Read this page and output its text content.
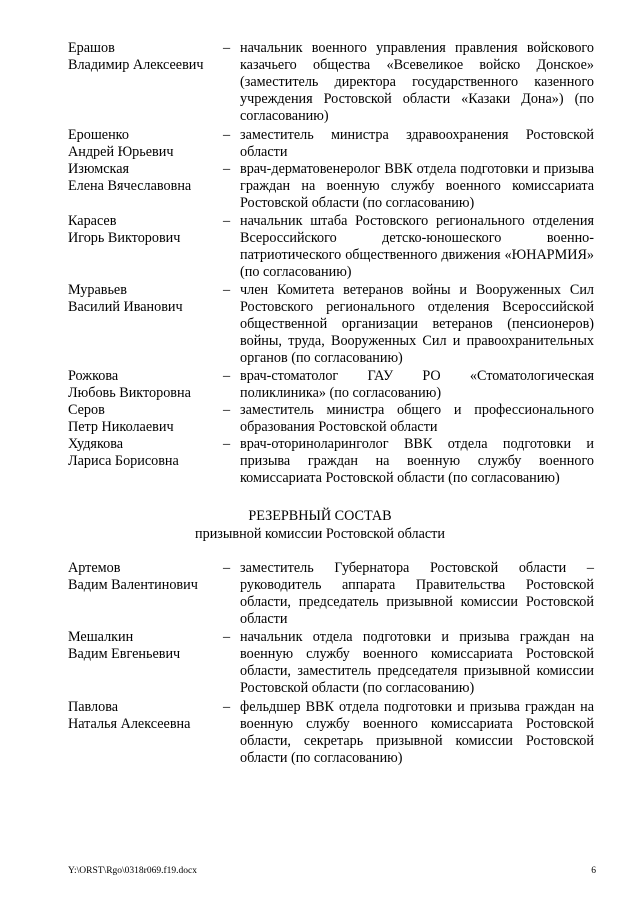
Ерашов
Владимир Алексеевич
– начальник военного управления правления войскового казачьего общества «Всевеликое войско Донское» (заместитель директора государственного казенного учреждения Ростовской области «Казаки Дона») (по согласованию)
Ерошенко
Андрей Юрьевич
– заместитель министра здравоохранения Ростовской области
Изюмская
Елена Вячеславовна
– врач-дерматовенеролог ВВК отдела подготовки и призыва граждан на военную службу военного комиссариата Ростовской области (по согласованию)
Карасев
Игорь Викторович
– начальник штаба Ростовского регионального отделения Всероссийского детско-юношеского военно-патриотического общественного движения «ЮНАРМИЯ» (по согласованию)
Муравьев
Василий Иванович
– член Комитета ветеранов войны и Вооруженных Сил Ростовского регионального отделения Всероссийской общественной организации ветеранов (пенсионеров) войны, труда, Вооруженных Сил и правоохранительных органов (по согласованию)
Рожкова
Любовь Викторовна
– врач-стоматолог ГАУ РО «Стоматологическая поликлиника» (по согласованию)
Серов
Петр Николаевич
– заместитель министра общего и профессионального образования Ростовской области
Худякова
Лариса Борисовна
– врач-оториноларинголог ВВК отдела подготовки и призыва граждан на военную службу военного комиссариата Ростовской области (по согласованию)
РЕЗЕРВНЫЙ СОСТАВ
призывной комиссии Ростовской области
Артемов
Вадим Валентинович
– заместитель Губернатора Ростовской области – руководитель аппарата Правительства Ростовской области, председатель призывной комиссии Ростовской области
Мешалкин
Вадим Евгеньевич
– начальник отдела подготовки и призыва граждан на военную службу военного комиссариата Ростовской области, заместитель председателя призывной комиссии Ростовской области (по согласованию)
Павлова
Наталья Алексеевна
– фельдшер ВВК отдела подготовки и призыва граждан на военную службу военного комиссариата Ростовской области, секретарь призывной комиссии Ростовской области (по согласованию)
Y:\ORST\Rgo\0318r069.f19.docx	6
